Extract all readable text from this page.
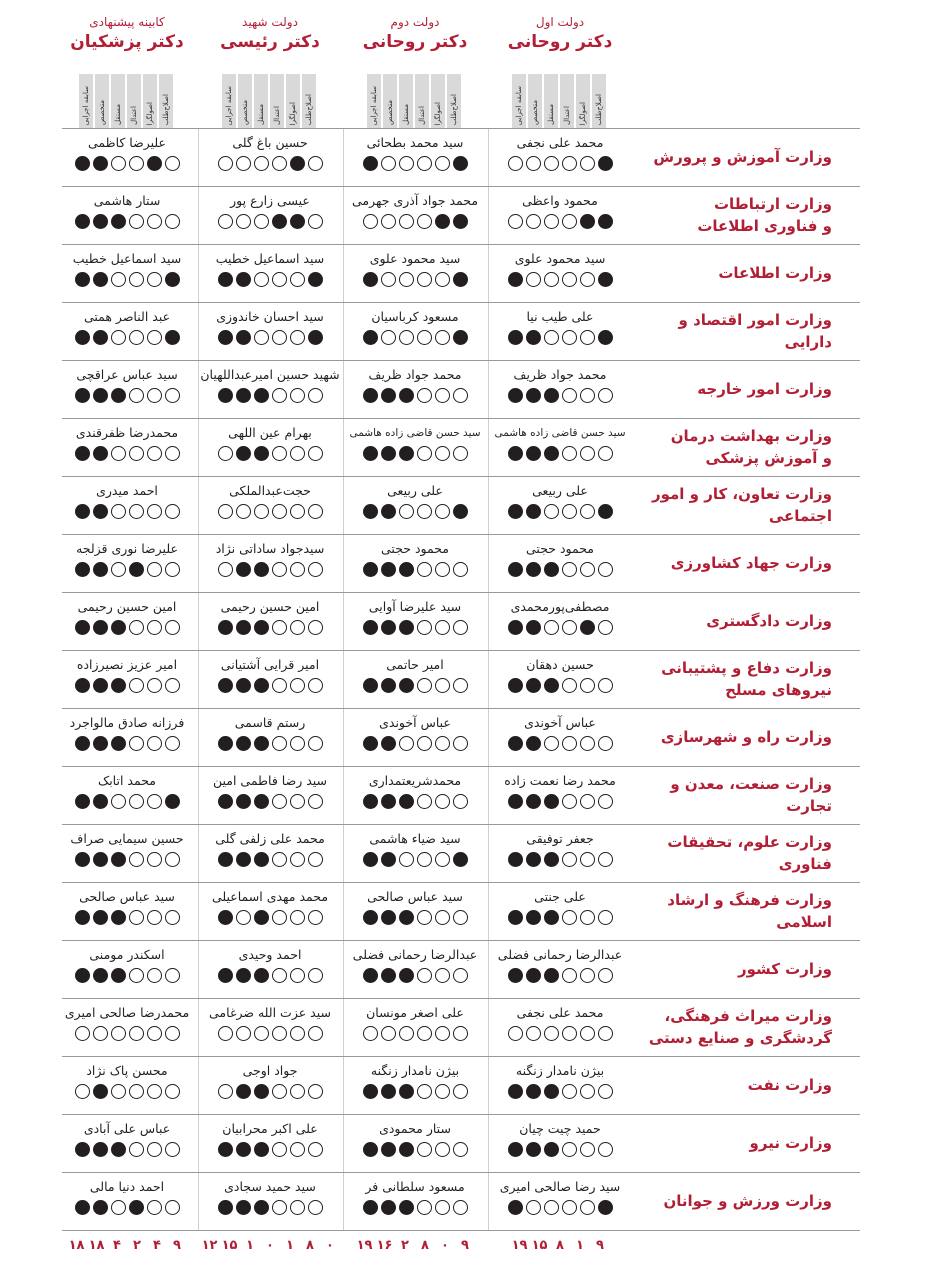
دولت اول
دکتر روحانی
اصلاح‌طلب
اصولگرا
اعتدال
مستقل
متخصص
سابقه اجرایی
دولت دوم
دکتر روحانی
اصلاح‌طلب
اصولگرا
اعتدال
مستقل
متخصص
سابقه اجرایی
دولت شهید
دکتر رئیسی
اصلاح‌طلب
اصولگرا
اعتدال
مستقل
متخصص
سابقه اجرایی
کابینه پیشنهادی
دکتر پزشکیان
اصلاح‌طلب
اصولگرا
اعتدال
مستقل
متخصص
سابقه اجرایی
وزارت آموزش و پرورش
محمد علی نجفی
سید محمد بطحائی
حسین باغ گلی
علیرضا کاظمی
وزارت ارتباطات
و فناوری اطلاعات
محمود واعظی
محمد جواد آذری جهرمی
عیسی زارع پور
ستار هاشمی
وزارت اطلاعات
سید محمود علوی
سید محمود علوی
سید اسماعیل خطیب
سید اسماعیل خطیب
وزارت امور اقتصاد و دارایی
علی طیب نیا
مسعود کرباسیان
سید احسان خاندوزی
عبد الناصر همتی
وزارت امور خارجه
محمد جواد ظریف
محمد جواد ظریف
شهید حسین امیرعبداللهیان
سید عباس عراقچی
وزارت بهداشت درمان
و آموزش پزشکی
سید حسن قاضی زاده هاشمی
سید حسن قاضی زاده هاشمی
بهرام عین اللهی
محمدرضا ظفرقندی
وزارت تعاون، کار و امور اجتماعی
علی ربیعی
علی ربیعی
حجت‌عبدالملکی
احمد میدری
وزارت جهاد کشاورزی
محمود حجتی
محمود حجتی
سیدجواد ساداتی نژاد
علیرضا نوری قزلجه
وزارت دادگستری
مصطفی‌پورمحمدی
سید علیرضا آوایی
امین حسین رحیمی
امین حسین رحیمی
وزارت دفاع و پشتیبانی
نیروهای مسلح
حسین دهقان
امیر حاتمی
امیر قرایی آشتیانی
امیر عزیز نصیرزاده
وزارت راه و شهرسازی
عباس آخوندی
عباس آخوندی
رستم قاسمی
فرزانه صادق مالواجرد
وزارت صنعت، معدن و تجارت
محمد رضا نعمت زاده
محمدشریعتمداری
سید رضا فاطمی امین
محمد اتابک
وزارت علوم، تحقیقات فناوری
جعفر توفیقی
سید ضیاء هاشمی
محمد علی زلفی گلی
حسین سیمایی صراف
وزارت فرهنگ و ارشاد اسلامی
علی جنتی
سید عباس صالحی
محمد مهدی اسماعیلی
سید عباس صالحی
وزارت کشور
عبدالرضا رحمانی فضلی
عبدالرضا رحمانی فضلی
احمد وحیدی
اسکندر مومنی
وزارت میراث فرهنگی،
گردشگری و صنایع دستی
محمد علی نجفی
علی اصغر مونسان
سید عزت الله ضرغامی
محمدرضا صالحی امیری
وزارت نفت
بیژن نامدار زنگنه
بیژن نامدار زنگنه
جواد اوجی
محسن پاک نژاد
وزارت نیرو
حمید چیت چیان
ستار محمودی
علی اکبر محرابیان
عباس علی آبادی
وزارت ورزش و جوانان
سید رضا صالحی امیری
مسعود سلطانی فر
سید حمید سجادی
احمد دنیا مالی
۹
۱
۸
۱۵
۱۹
۹
۰
۸
۲
۱۶
۱۹
۰
۸
۱
۰
۱
۱۵
۱۲
۹
۴
۲
۴
۱۸
۱۸
